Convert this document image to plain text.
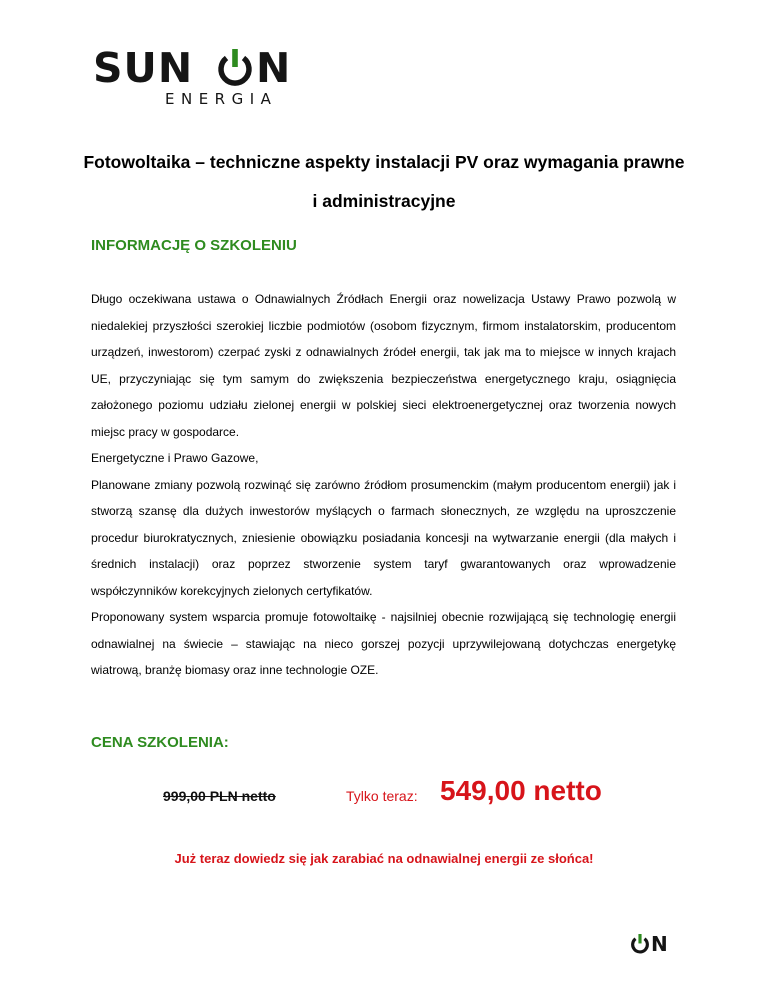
SUN N
ENERGIA
Fotowoltaika – techniczne aspekty instalacji PV oraz wymagania prawne i administracyjne
INFORMACJĘ O SZKOLENIU

Długo oczekiwana ustawa o Odnawialnych Źródłach Energii oraz nowelizacja Ustawy Prawo pozwolą w niedalekiej przyszłości szerokiej liczbie podmiotów (osobom fizycznym, firmom instalatorskim, producentom urządzeń, inwestorom) czerpać zyski z odnawialnych źródeł energii, tak jak ma to miejsce w innych krajach UE, przyczyniając się tym samym do zwiększenia bezpieczeństwa energetycznego kraju, osiągnięcia założonego poziomu udziału zielonej energii w polskiej sieci elektroenergetycznej oraz tworzenia nowych miejsc pracy w gospodarce.

Energetyczne i Prawo Gazowe,

Planowane zmiany pozwolą rozwinąć się zarówno źródłom prosumenckim (małym producentom energii) jak i stworzą szansę dla dużych inwestorów myślących o farmach słonecznych, ze względu na uproszczenie procedur biurokratycznych, zniesienie obowiązku posiadania koncesji na wytwarzanie energii (dla małych i średnich instalacji) oraz poprzez stworzenie system taryf gwarantowanych oraz wprowadzenie współczynników korekcyjnych zielonych certyfikatów.

Proponowany system wsparcia promuje fotowoltaikę - najsilniej obecnie rozwijającą się technologię energii odnawialnej na świecie – stawiając na nieco gorszej pozycji uprzywilejowaną dotychczas energetykę wiatrową, branżę biomasy oraz inne technologie OZE.

CENA SZKOLENIA:
999,00 PLN netto	Tylko teraz: 549,00 netto
Już teraz dowiedz się jak zarabiać na odnawialnej energii ze słońca!
N
